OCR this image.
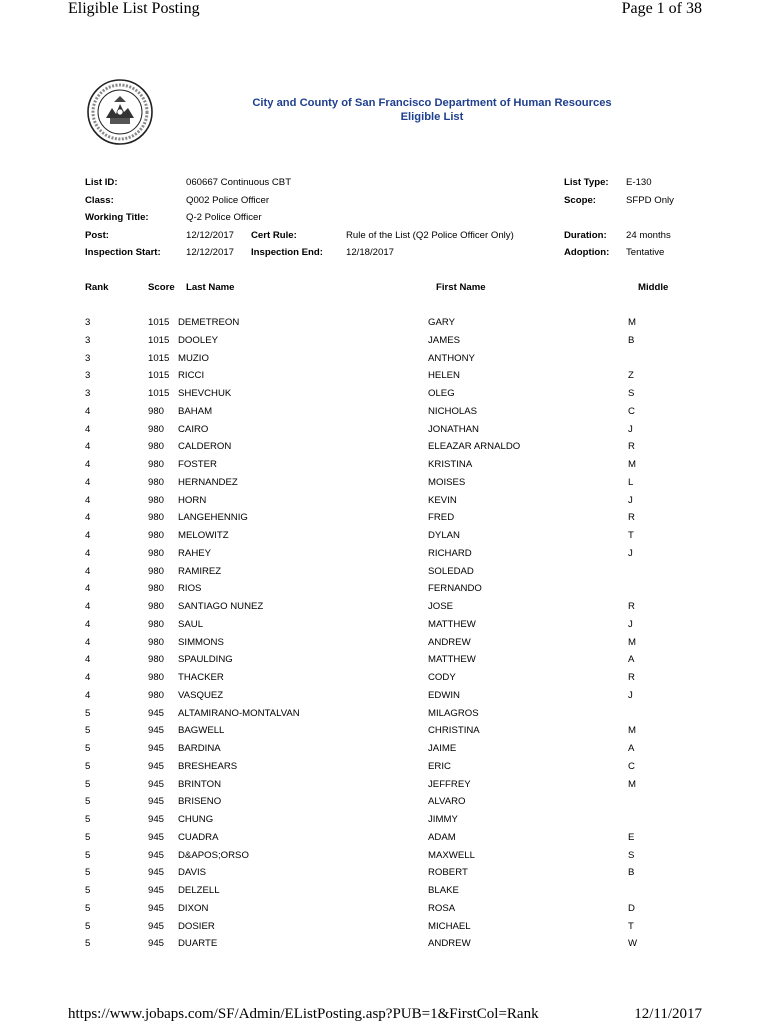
Eligible List Posting	Page 1 of 38
City and County of San Francisco Department of Human Resources
Eligible List
List ID:	060667 Continuous CBT	List Type: E-130
Class:	Q002 Police Officer	Scope:	SFPD Only
Working Title:	Q-2 Police Officer
Post:	12/12/2017 Cert Rule:	Rule of the List (Q2 Police Officer Only)	Duration: 24 months
Inspection Start:	12/12/2017 Inspection End: 12/18/2017	Adoption: Tentative
Rank	Score Last Name	First Name	Middle
3	1015 DEMETREON	GARY	M
3	1015 DOOLEY	JAMES	B
3	1015 MUZIO	ANTHONY
3	1015 RICCI	HELEN	Z
3	1015 SHEVCHUK	OLEG	S
4	980 BAHAM	NICHOLAS	C
4	980 CAIRO	JONATHAN	J
4	980 CALDERON	ELEAZAR ARNALDO	R
4	980 FOSTER	KRISTINA	M
4	980 HERNANDEZ	MOISES	L
4	980 HORN	KEVIN	J
4	980 LANGEHENNIG	FRED	R
4	980 MELOWITZ	DYLAN	T
4	980 RAHEY	RICHARD	J
4	980 RAMIREZ	SOLEDAD
4	980 RIOS	FERNANDO
4	980 SANTIAGO NUNEZ	JOSE	R
4	980 SAUL	MATTHEW	J
4	980 SIMMONS	ANDREW	M
4	980 SPAULDING	MATTHEW	A
4	980 THACKER	CODY	R
4	980 VASQUEZ	EDWIN	J
5	945 ALTAMIRANO-MONTALVAN	MILAGROS
5	945 BAGWELL	CHRISTINA	M
5	945 BARDINA	JAIME	A
5	945 BRESHEARS	ERIC	C
5	945 BRINTON	JEFFREY	M
5	945 BRISENO	ALVARO
5	945 CHUNG	JIMMY
5	945 CUADRA	ADAM	E
5	945 D&APOS;ORSO	MAXWELL	S
5	945 DAVIS	ROBERT	B
5	945 DELZELL	BLAKE
5	945 DIXON	ROSA	D
5	945 DOSIER	MICHAEL	T
5	945 DUARTE	ANDREW	W
https://www.jobaps.com/SF/Admin/EListPosting.asp?PUB=1&FirstCol=Rank	12/11/2017
